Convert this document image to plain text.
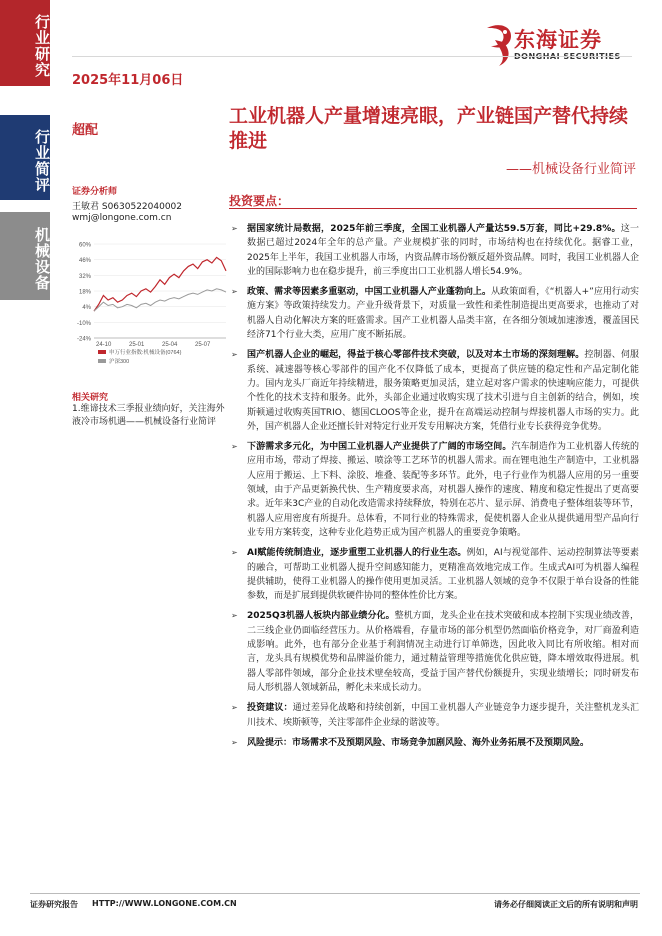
行业研究
行业简评
机械设备
东海证券
2025年11月06日
超配
工业机器人产量增速亮眼，产业链国产替代持续推进
——机械设备行业简评
证券分析师
王敏君 S0630522040002
wmj@longone.com.cn
60%
46%
32%
18%
4%
-10%
-24%
24-10	25-01	25-04	25-07
申万行业指数:机械设备(0764)
沪深300
相关研究
1.维谛技术三季报业绩向好，关注海外液冷市场机遇——机械设备行业简评
投资要点：
➢ 据国家统计局数据，2025年前三季度，全国工业机器人产量达59.5万套，同比+29.8%。这一数据已超过2024年全年的总产量。产业规模扩张的同时，市场结构也在持续优化。据睿工业，2025年上半年，我国工业机器人市场，内资品牌市场份额反超外资品牌。同时，我国工业机器人企业的国际影响力也在稳步提升，前三季度出口工业机器人增长54.9%。
➢ 政策、需求等因素多重驱动，中国工业机器人产业蓬勃向上。从政策面看，《“机器人+”应用行动实施方案》等政策持续发力。产业升级背景下，对质量一致性和柔性制造提出更高要求，也推动了对机器人自动化解决方案的旺盛需求。国产工业机器人品类丰富，在各细分领域加速渗透，覆盖国民经济71个行业大类，应用广度不断拓展。
➢ 国产机器人企业的崛起，得益于核心零部件技术突破，以及对本土市场的深刻理解。控制器、伺服系统、减速器等核心零部件的国产化不仅降低了成本，更提高了供应链的稳定性和产品定制化能力。国内龙头厂商近年持续精进，服务策略更加灵活，建立起对客户需求的快速响应能力，可提供个性化的技术支持和服务。此外，头部企业通过收购实现了技术引进与自主创新的结合，例如，埃斯顿通过收购英国TRIO、德国CLOOS等企业，提升在高端运动控制与焊接机器人市场的实力。此外，国产机器人企业还擅长针对特定行业开发专用解决方案，凭借行业专长获得竞争优势。
➢ 下游需求多元化，为中国工业机器人产业提供了广阔的市场空间。汽车制造作为工业机器人传统的应用市场，带动了焊接、搬运、喷涂等工艺环节的机器人需求。而在锂电池生产制造中，工业机器人应用于搬运、上下料、涂胶、堆叠、装配等多环节。此外，电子行业作为机器人应用的另一重要领域，由于产品更新换代快、生产精度要求高，对机器人操作的速度、精度和稳定性提出了更高要求。近年来3C产业的自动化改造需求持续释放，特别在芯片、显示屏、消费电子整体组装等环节，机器人应用密度有所提升。总体看，不同行业的特殊需求，促使机器人企业从提供通用型产品向行业专用方案转变，这种专业化趋势正成为国产机器人的重要竞争策略。
➢ AI赋能传统制造业，逐步重塑工业机器人的行业生态。例如，AI与视觉部件、运动控制算法等要素的融合，可帮助工业机器人提升空间感知能力，更精准高效地完成工作。生成式AI可为机器人编程提供辅助，使得工业机器人的操作使用更加灵活。工业机器人领域的竞争不仅限于单台设备的性能参数，而是扩展到提供软硬件协同的整体性价比方案。
➢ 2025Q3机器人板块内部业绩分化。整机方面，龙头企业在技术突破和成本控制下实现业绩改善，二三线企业仍面临经营压力。从价格端看，存量市场的部分机型仍然面临价格竞争，对厂商盈利造成影响。此外，也有部分企业基于利润情况主动进行订单筛选，因此收入同比有所收缩。相对而言，龙头具有规模优势和品牌溢价能力，通过精益管理等措施优化供应链，降本增效取得进展。机器人零部件领域，部分企业技术壁垒较高，受益于国产替代份额提升，实现业绩增长；同时研发布局人形机器人领域新品，孵化未来成长动力。
➢ 投资建议：通过差异化战略和持续创新，中国工业机器人产业链竞争力逐步提升，关注整机龙头汇川技术、埃斯顿等，关注零部件企业绿的谐波等。
➢ 风险提示：市场需求不及预期风险、市场竞争加剧风险、海外业务拓展不及预期风险。
证券研究报告 HTTP://WWW.LONGONE.COM.CN	请务必仔细阅读正文后的所有说明和声明
